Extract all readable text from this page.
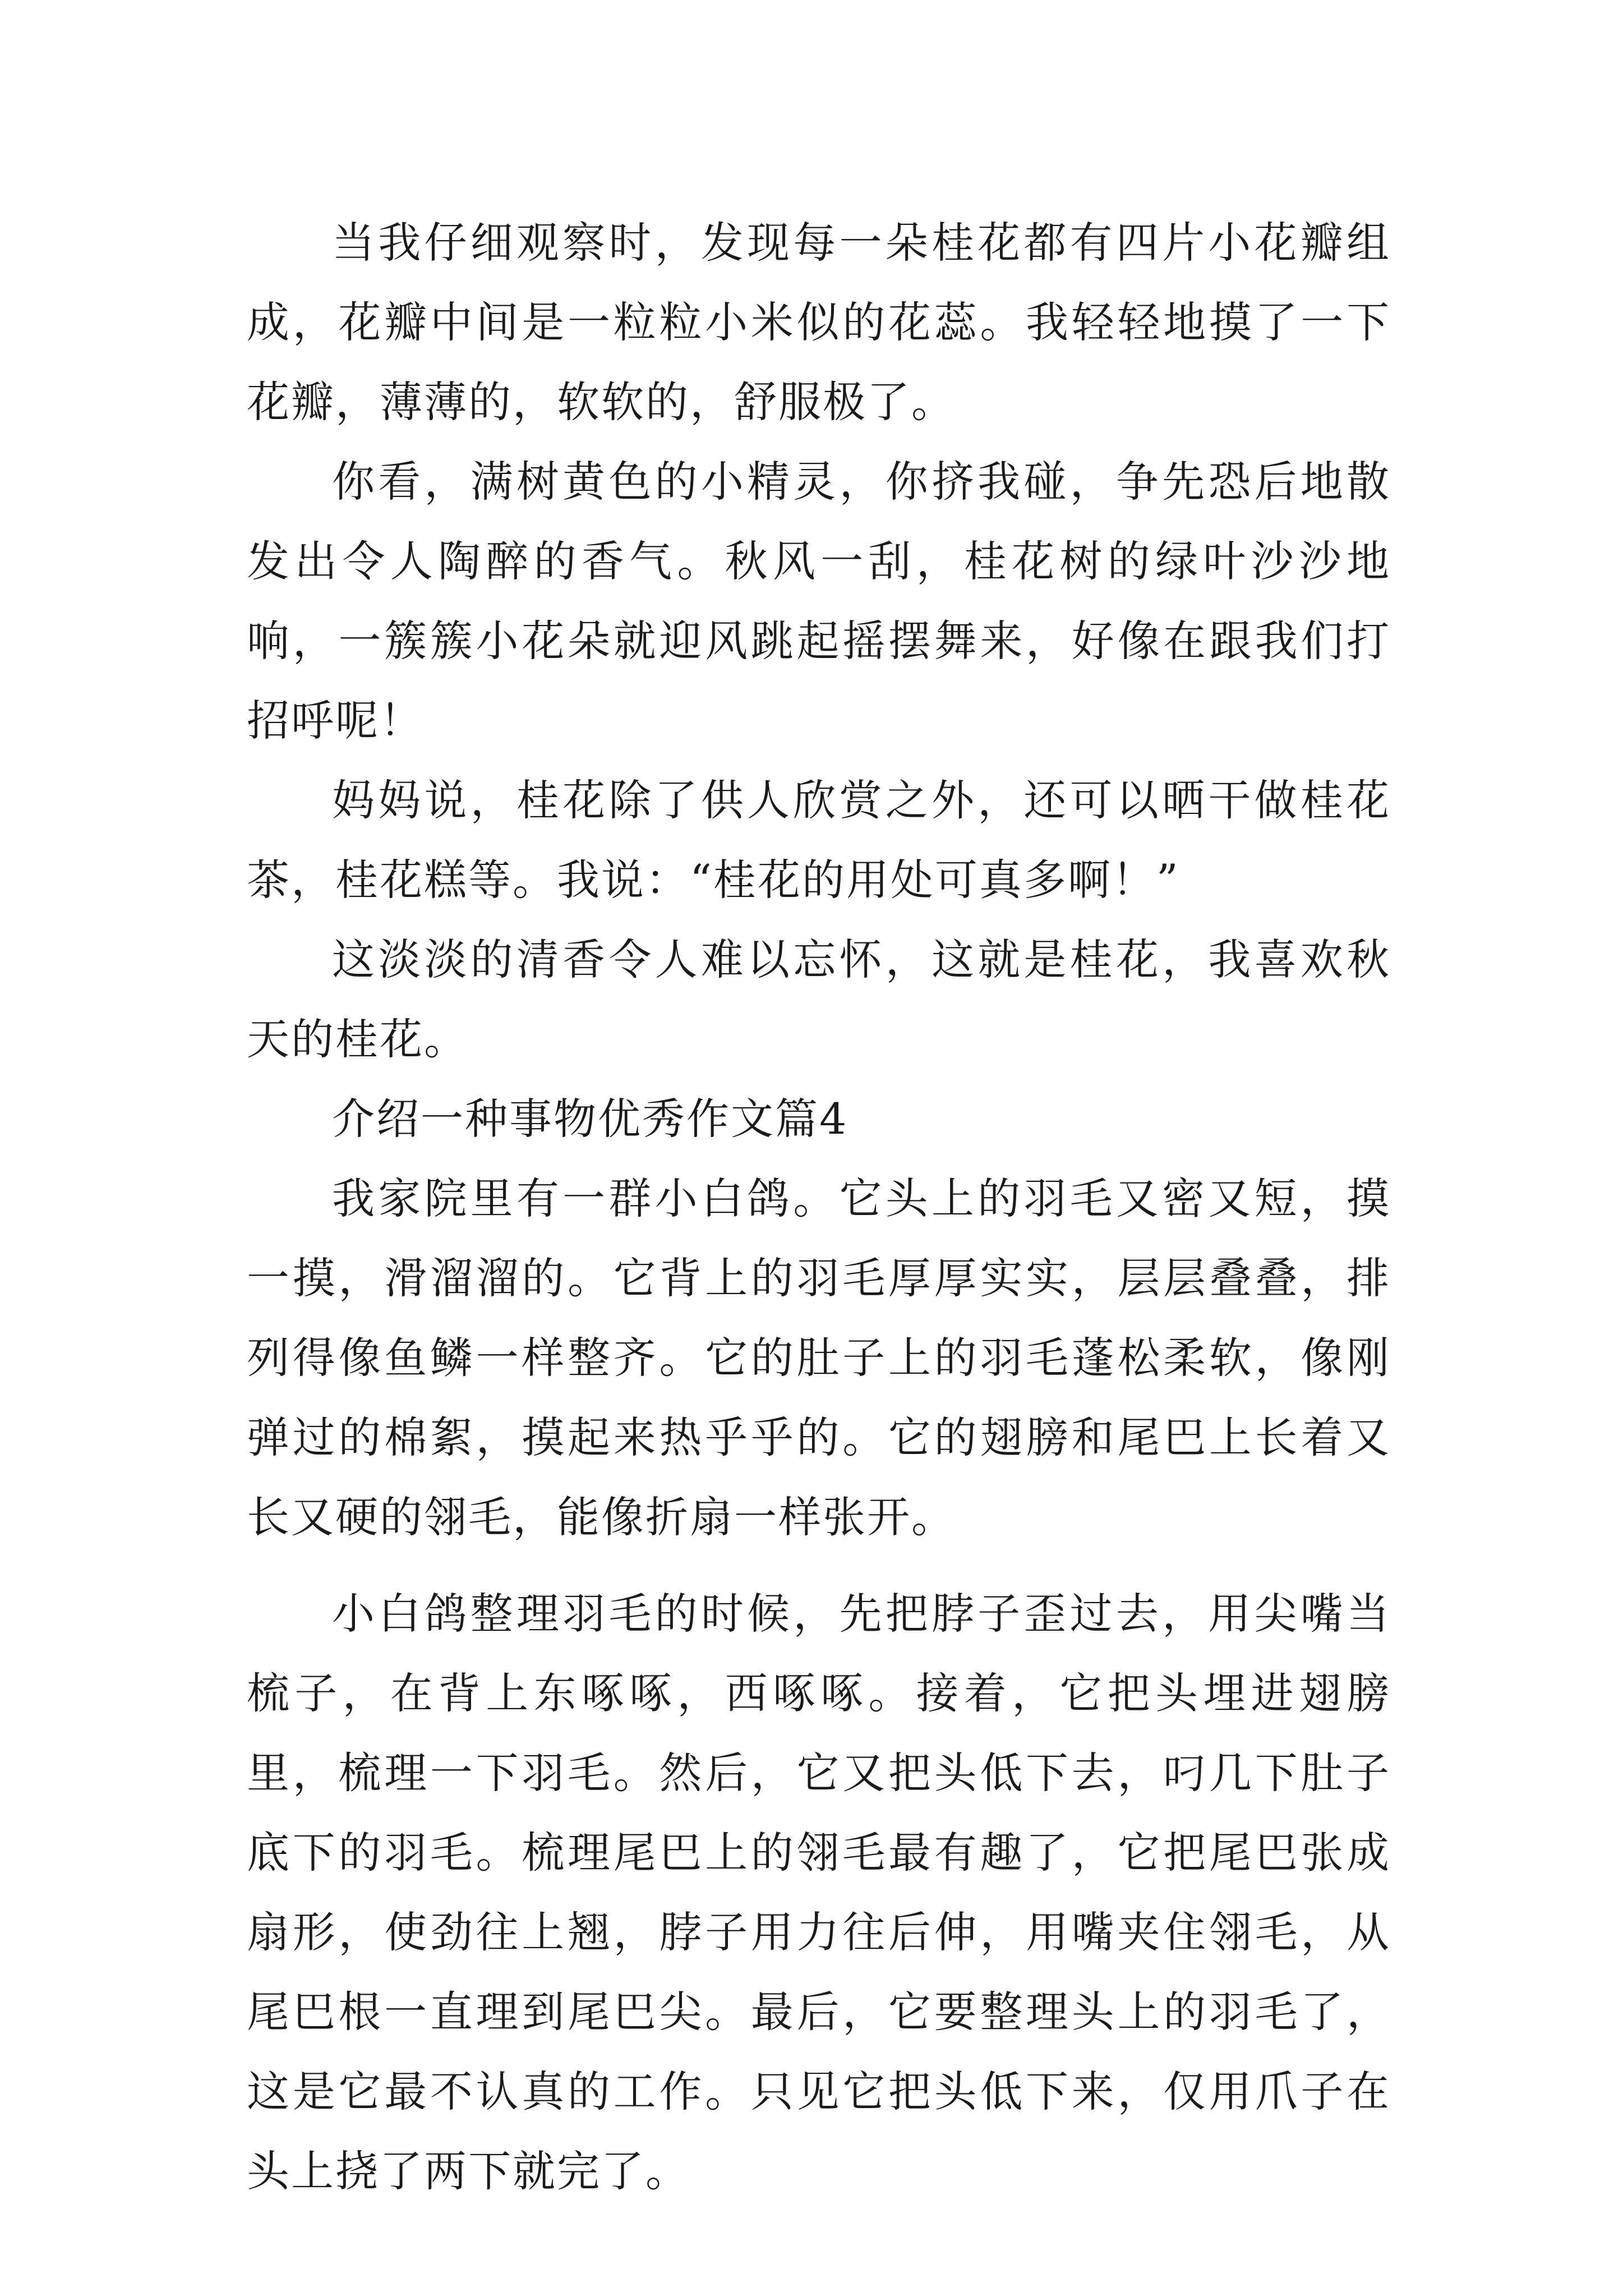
当我仔细观察时，发现每一朵桂花都有四片小花瓣组成，花瓣中间是一粒粒小米似的花蕊。我轻轻地摸了一下花瓣，薄薄的，软软的，舒服极了。

你看，满树黄色的小精灵，你挤我碰，争先恐后地散发出令人陶醉的香气。秋风一刮，桂花树的绿叶沙沙地响，一簇簇小花朵就迎风跳起摇摆舞来，好像在跟我们打招呼呢！

妈妈说，桂花除了供人欣赏之外，还可以晒干做桂花茶，桂花糕等。我说：“桂花的用处可真多啊！”

这淡淡的清香令人难以忘怀，这就是桂花，我喜欢秋天的桂花。

介绍一种事物优秀作文篇4

我家院里有一群小白鸽。它头上的羽毛又密又短，摸一摸，滑溜溜的。它背上的羽毛厚厚实实，层层叠叠，排列得像鱼鳞一样整齐。它的肚子上的羽毛蓬松柔软，像刚弹过的棉絮，摸起来热乎乎的。它的翅膀和尾巴上长着又长又硬的翎毛，能像折扇一样张开。

小白鸽整理羽毛的时候，先把脖子歪过去，用尖嘴当梳子，在背上东啄啄，西啄啄。接着，它把头埋进翅膀里，梳理一下羽毛。然后，它又把头低下去，叼几下肚子底下的羽毛。梳理尾巴上的翎毛最有趣了，它把尾巴张成扇形，使劲往上翘，脖子用力往后伸，用嘴夹住翎毛，从尾巴根一直理到尾巴尖。最后，它要整理头上的羽毛了，这是它最不认真的工作。只见它把头低下来，仅用爪子在头上挠了两下就完了。
